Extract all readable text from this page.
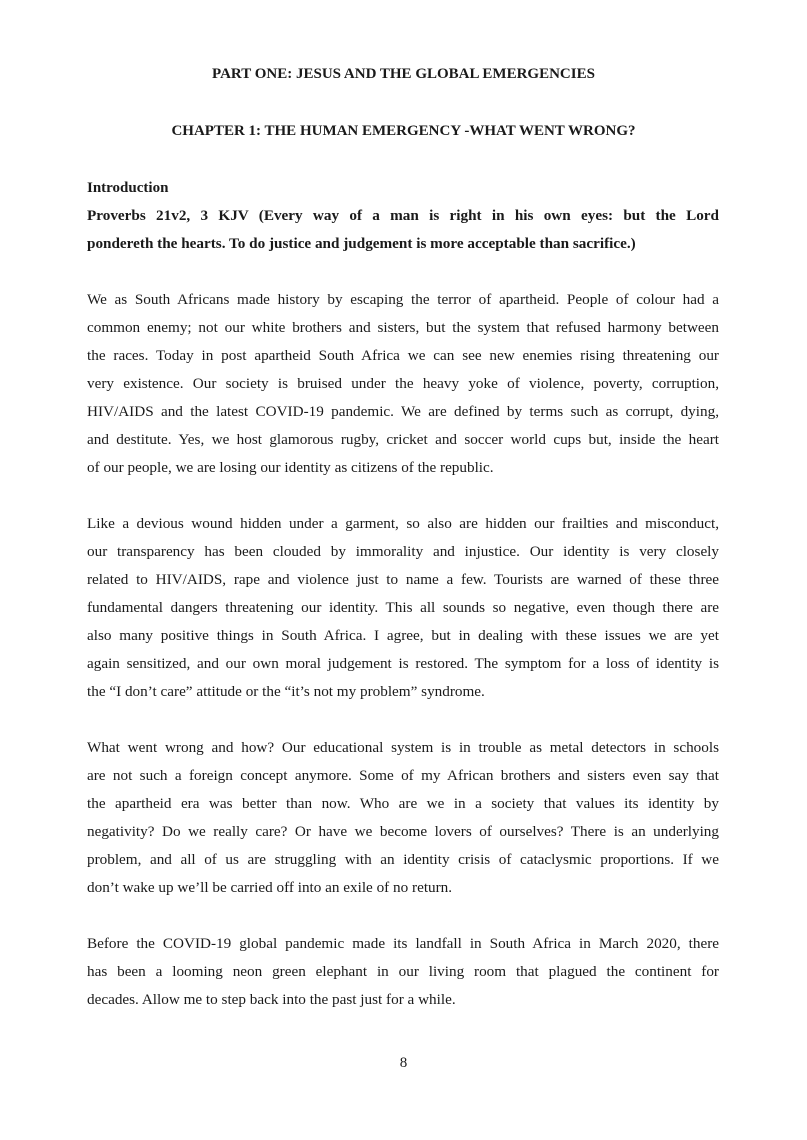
PART ONE: JESUS AND THE GLOBAL EMERGENCIES
CHAPTER 1: THE HUMAN EMERGENCY -WHAT WENT WRONG?
Introduction
Proverbs 21v2, 3 KJV (Every way of a man is right in his own eyes: but the Lord
pondereth the hearts. To do justice and judgement is more acceptable than sacrifice.)
We as South Africans made history by escaping the terror of apartheid. People of colour had a
common enemy; not our white brothers and sisters, but the system that refused harmony between
the races. Today in post apartheid South Africa we can see new enemies rising threatening our
very existence. Our society is bruised under the heavy yoke of violence, poverty, corruption,
HIV/AIDS and the latest COVID-19 pandemic. We are defined by terms such as corrupt, dying,
and destitute. Yes, we host glamorous rugby, cricket and soccer world cups but, inside the heart
of our people, we are losing our identity as citizens of the republic.
Like a devious wound hidden under a garment, so also are hidden our frailties and misconduct,
our transparency has been clouded by immorality and injustice. Our identity is very closely
related to HIV/AIDS, rape and violence just to name a few. Tourists are warned of these three
fundamental dangers threatening our identity. This all sounds so negative, even though there are
also many positive things in South Africa. I agree, but in dealing with these issues we are yet
again sensitized, and our own moral judgement is restored. The symptom for a loss of identity is
the “I don’t care” attitude or the “it’s not my problem” syndrome.
What went wrong and how? Our educational system is in trouble as metal detectors in schools
are not such a foreign concept anymore. Some of my African brothers and sisters even say that
the apartheid era was better than now. Who are we in a society that values its identity by
negativity? Do we really care? Or have we become lovers of ourselves? There is an underlying
problem, and all of us are struggling with an identity crisis of cataclysmic proportions. If we
don’t wake up we’ll be carried off into an exile of no return.
Before the COVID-19 global pandemic made its landfall in South Africa in March 2020, there
has been a looming neon green elephant in our living room that plagued the continent for
decades. Allow me to step back into the past just for a while.
8
